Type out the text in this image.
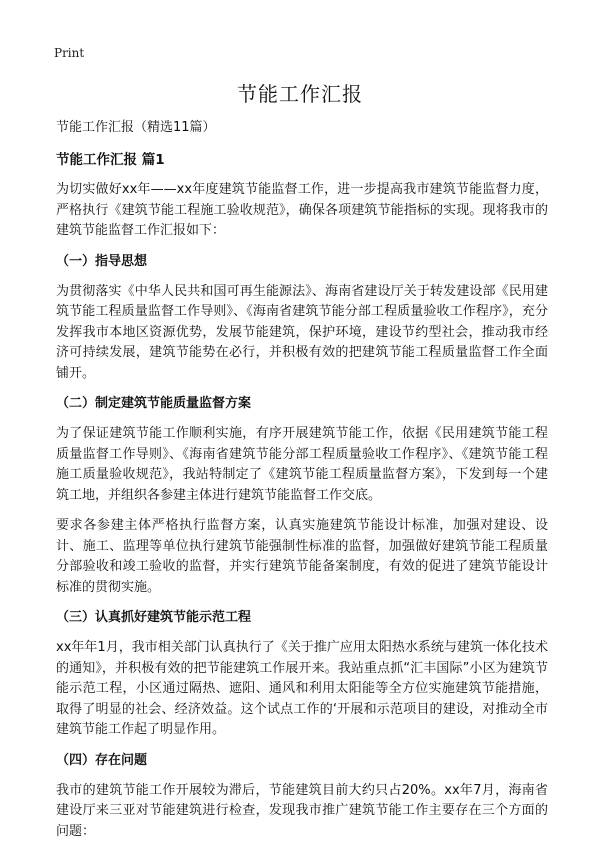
Print
节能工作汇报

节能工作汇报（精选11篇）

节能工作汇报 篇1

为切实做好xx年——xx年度建筑节能监督工作，进一步提高我市建筑节能监督力度，严格执行《建筑节能工程施工验收规范》，确保各项建筑节能指标的实现。现将我市的建筑节能监督工作汇报如下：

（一）指导思想

为贯彻落实《中华人民共和国可再生能源法》、海南省建设厅关于转发建设部《民用建筑节能工程质量监督工作导则》、《海南省建筑节能分部工程质量验收工作程序》，充分发挥我市本地区资源优势，发展节能建筑，保护环境，建设节约型社会，推动我市经济可持续发展，建筑节能势在必行，并积极有效的把建筑节能工程质量监督工作全面铺开。

（二）制定建筑节能质量监督方案

为了保证建筑节能工作顺利实施，有序开展建筑节能工作，依据《民用建筑节能工程质量监督工作导则》、《海南省建筑节能分部工程质量验收工作程序》、《建筑节能工程施工质量验收规范》，我站特制定了《建筑节能工程质量监督方案》，下发到每一个建筑工地，并组织各参建主体进行建筑节能监督工作交底。

要求各参建主体严格执行监督方案，认真实施建筑节能设计标准，加强对建设、设计、施工、监理等单位执行建筑节能强制性标准的监督，加强做好建筑节能工程质量分部验收和竣工验收的监督，并实行建筑节能备案制度，有效的促进了建筑节能设计标准的贯彻实施。

（三）认真抓好建筑节能示范工程

xx年年1月，我市相关部门认真执行了《关于推广应用太阳热水系统与建筑一体化技术的通知》，并积极有效的把节能建筑工作展开来。我站重点抓“汇丰国际”小区为建筑节能示范工程，小区通过隔热、遮阳、通风和利用太阳能等全方位实施建筑节能措施，取得了明显的社会、经济效益。这个试点工作的‘开展和示范项目的建设，对推动全市建筑节能工作起了明显作用。

（四）存在问题

我市的建筑节能工作开展较为滞后，节能建筑目前大约只占20%。xx年7月，海南省建设厅来三亚对节能建筑进行检查，发现我市推广建筑节能工作主要存在三个方面的问题：
